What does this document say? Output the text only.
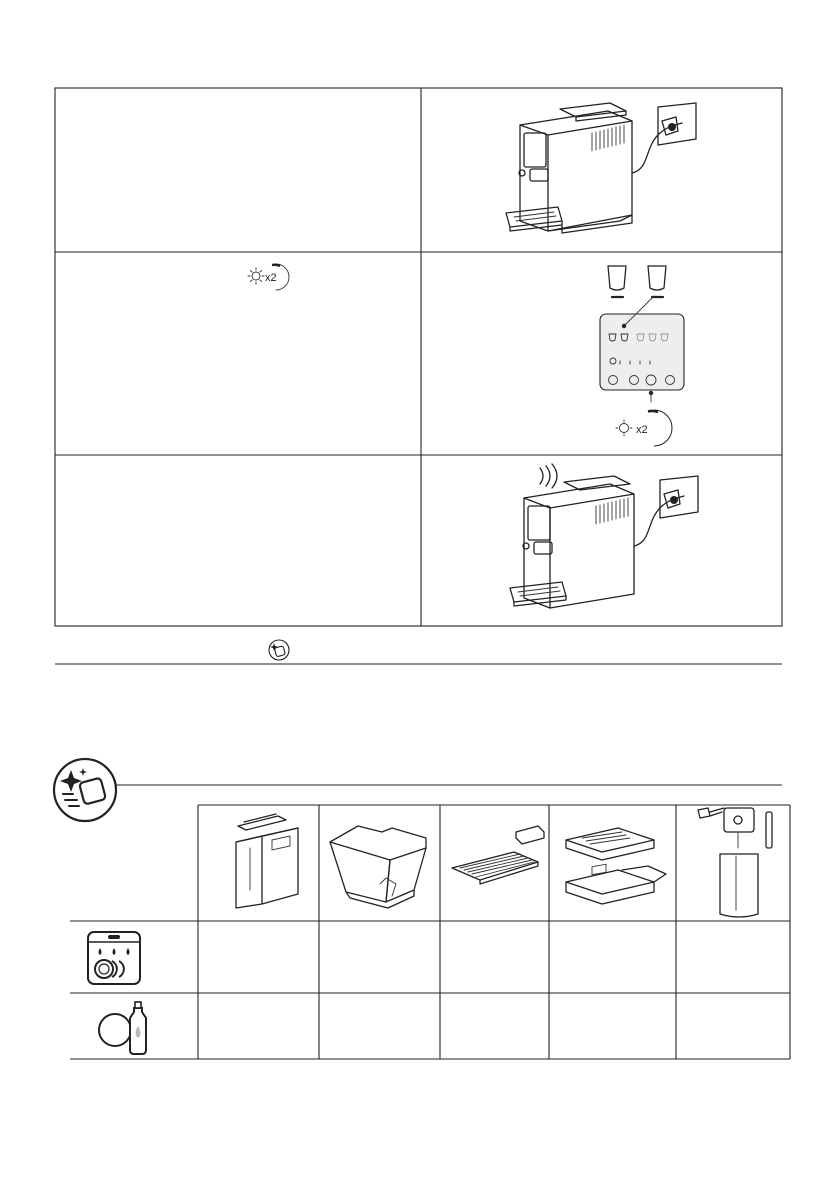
x2
x2
